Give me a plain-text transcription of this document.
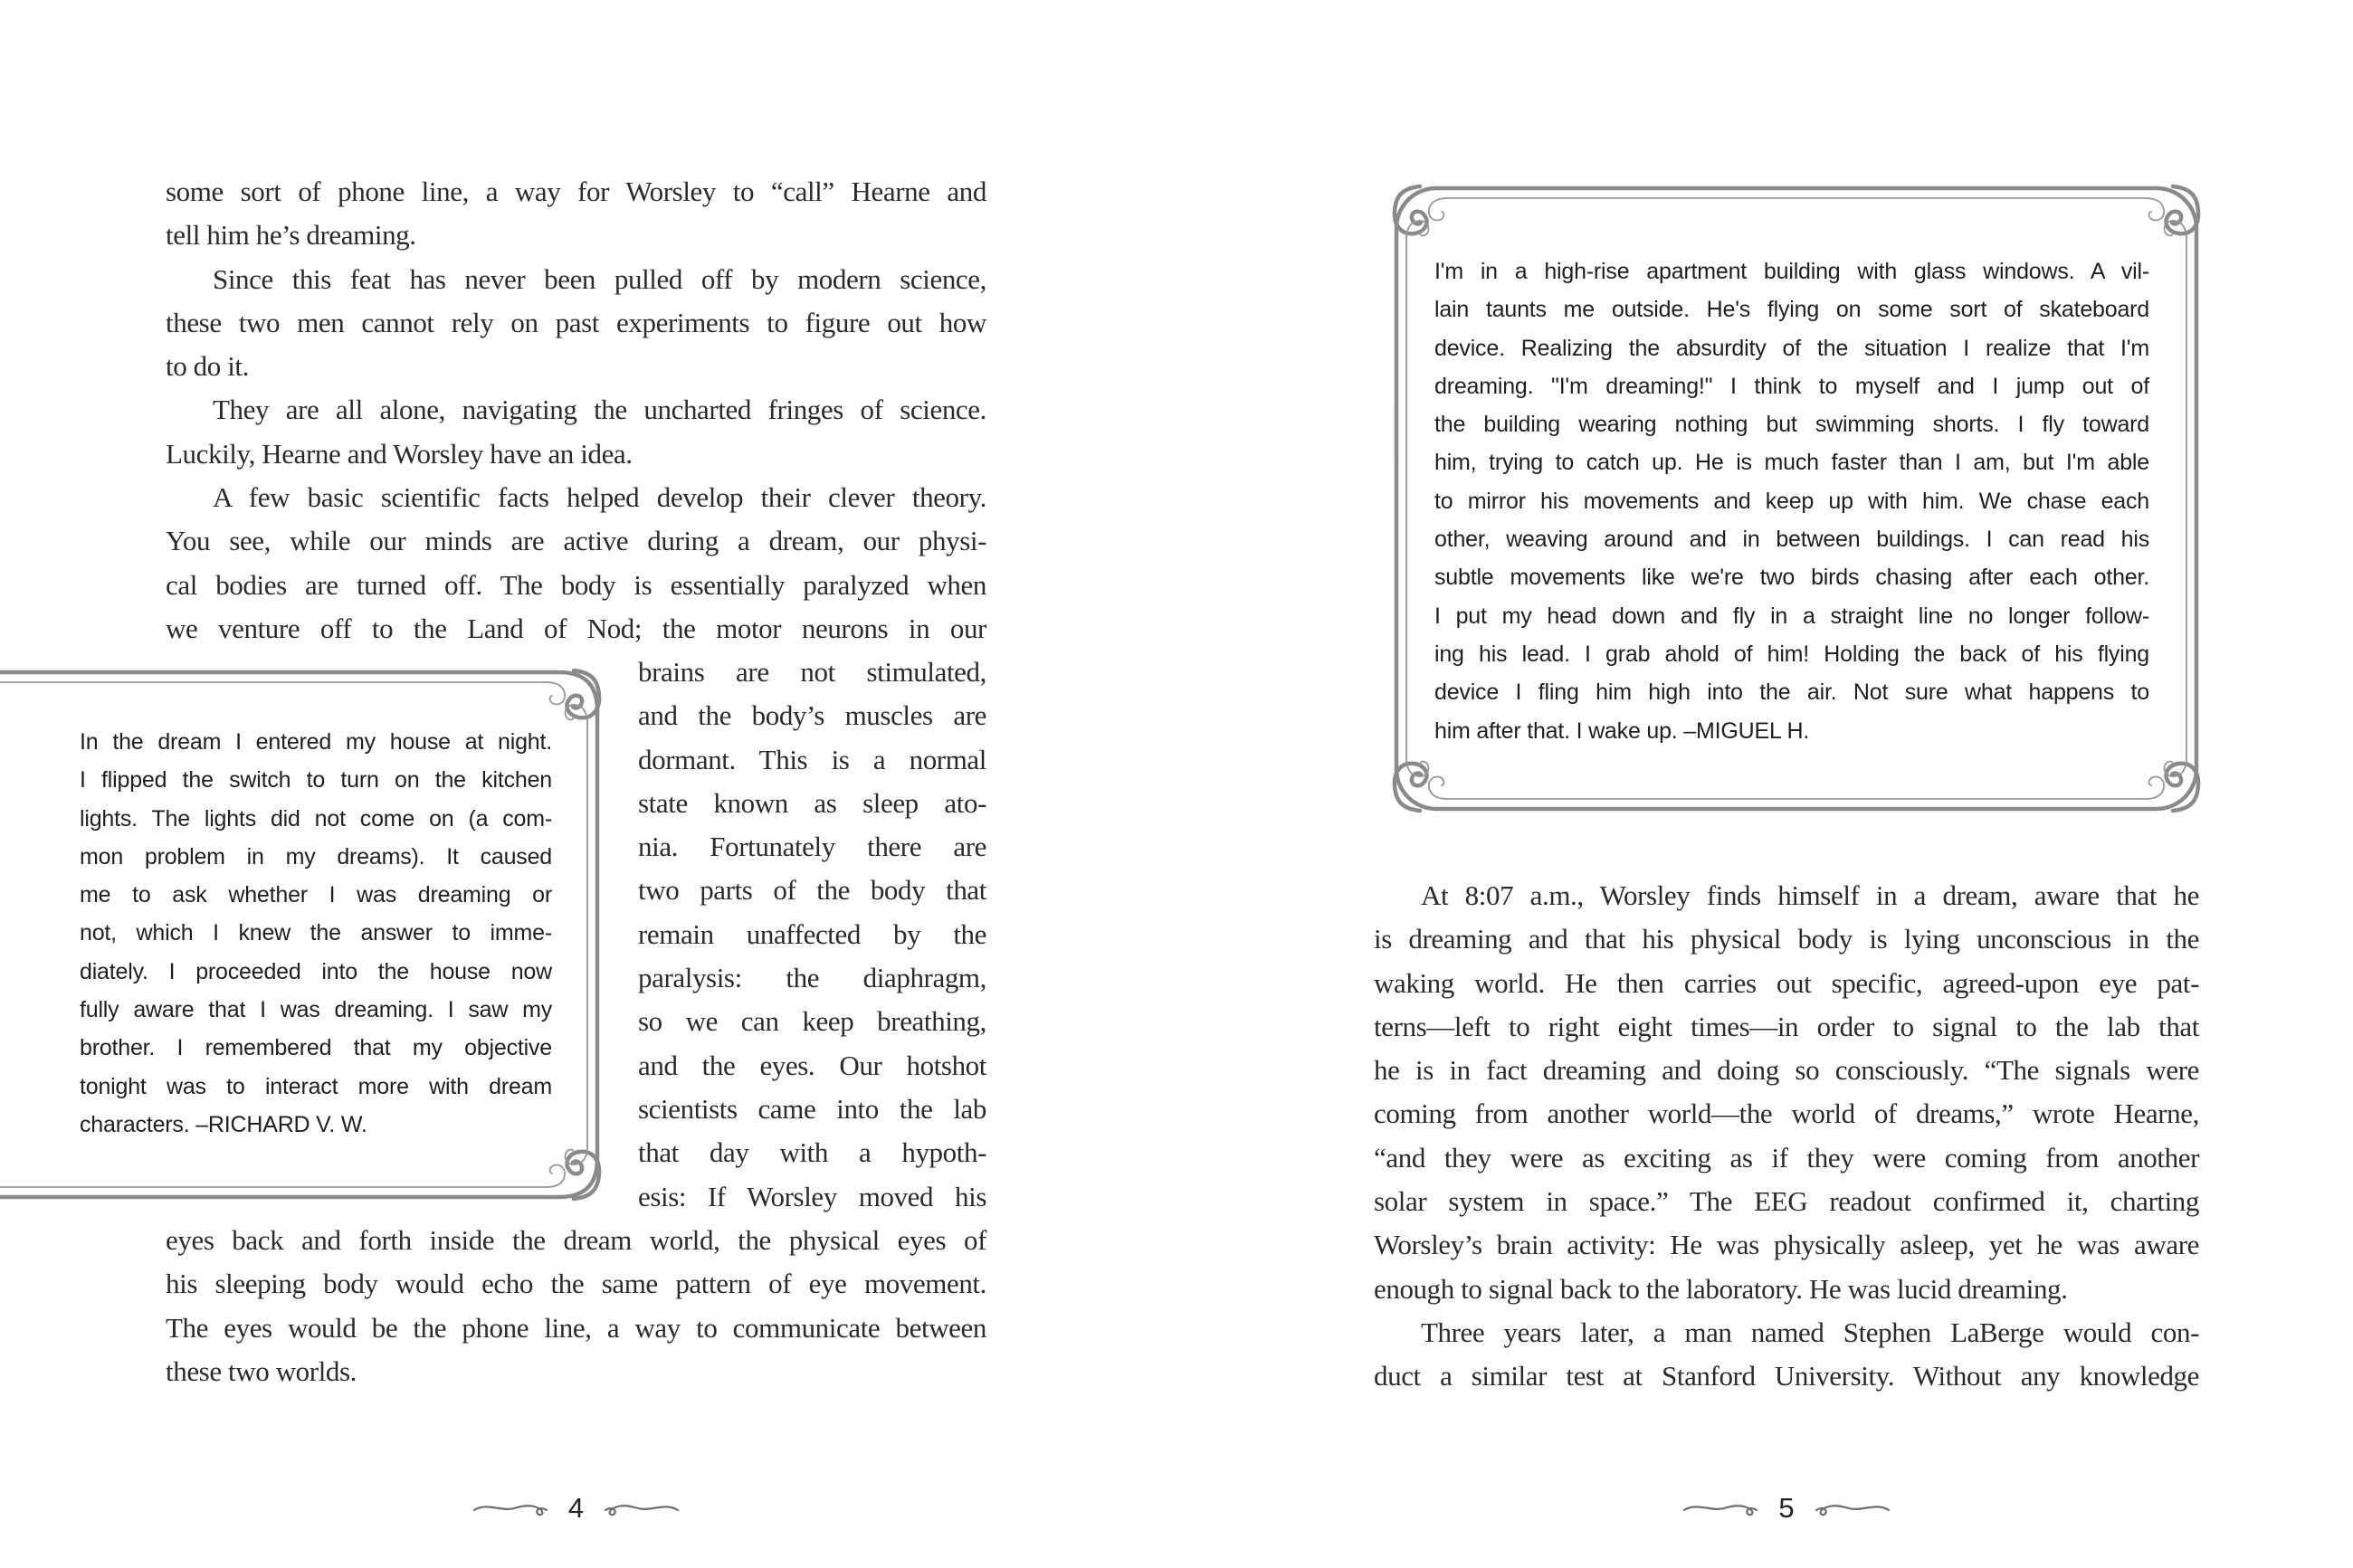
some sort of phone line, a way for Worsley to “call” Hearne and
tell him he’s dreaming.
Since this feat has never been pulled off by modern science,
these two men cannot rely on past experiments to figure out how
to do it.
They are all alone, navigating the uncharted fringes of science.
Luckily, Hearne and Worsley have an idea.
A few basic scientific facts helped develop their clever theory.
You see, while our minds are active during a dream, our physi-
cal bodies are turned off. The body is essentially paralyzed when
we venture off to the Land of Nod; the motor neurons in our
brains are not stimulated,
and the body’s muscles are
dormant. This is a normal
state known as sleep ato-
nia. Fortunately there are
two parts of the body that
remain unaffected by the
paralysis: the diaphragm,
so we can keep breathing,
and the eyes. Our hotshot
scientists came into the lab
that day with a hypoth-
esis: If Worsley moved his
In the dream I entered my house at night.
I flipped the switch to turn on the kitchen
lights. The lights did not come on (a com-
mon problem in my dreams). It caused
me to ask whether I was dreaming or
not, which I knew the answer to imme-
diately. I proceeded into the house now
fully aware that I was dreaming. I saw my
brother. I remembered that my objective
tonight was to interact more with dream
characters. –RICHARD V. W.
eyes back and forth inside the dream world, the physical eyes of
his sleeping body would echo the same pattern of eye movement.
The eyes would be the phone line, a way to communicate between
these two worlds.
4
I'm in a high-rise apartment building with glass windows. A vil-
lain taunts me outside. He's flying on some sort of skateboard
device. Realizing the absurdity of the situation I realize that I'm
dreaming. "I'm dreaming!" I think to myself and I jump out of
the building wearing nothing but swimming shorts. I fly toward
him, trying to catch up. He is much faster than I am, but I'm able
to mirror his movements and keep up with him. We chase each
other, weaving around and in between buildings. I can read his
subtle movements like we're two birds chasing after each other.
I put my head down and fly in a straight line no longer follow-
ing his lead. I grab ahold of him! Holding the back of his flying
device I fling him high into the air. Not sure what happens to
him after that. I wake up. –MIGUEL H.
At 8:07 a.m., Worsley finds himself in a dream, aware that he
is dreaming and that his physical body is lying unconscious in the
waking world. He then carries out specific, agreed-upon eye pat-
terns—left to right eight times—in order to signal to the lab that
he is in fact dreaming and doing so consciously. “The signals were
coming from another world—the world of dreams,” wrote Hearne,
“and they were as exciting as if they were coming from another
solar system in space.” The EEG readout confirmed it, charting
Worsley’s brain activity: He was physically asleep, yet he was aware
enough to signal back to the laboratory. He was lucid dreaming.
Three years later, a man named Stephen LaBerge would con-
duct a similar test at Stanford University. Without any knowledge
5
